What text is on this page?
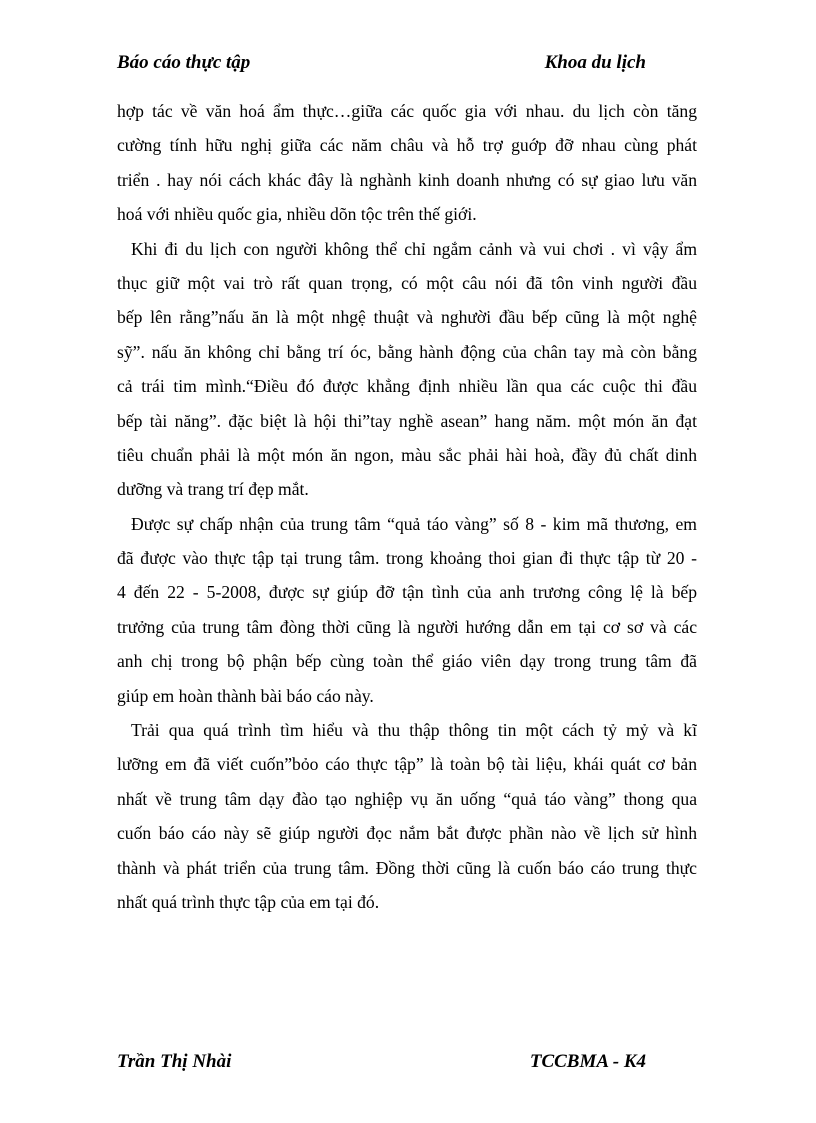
Báo cáo thực tập	Khoa du lịch
hợp tác về văn hoá ẩm thực…giữa các quốc gia với nhau. du lịch còn tăng
cường tính hữu nghị giữa các năm châu và hỗ trợ guớp đỡ nhau cùng phát
triển . hay nói cách khác đây là nghành kinh doanh nhưng có sự giao lưu văn
hoá với nhiều quốc gia, nhiều dõn tộc trên thế giới.
Khi đi du lịch con người không thể chỉ ngắm cảnh và vui chơi . vì vậy ẩm
thục giữ một vai trò rất quan trọng, có một câu nói đã tôn vinh người đầu
bếp lên rằng”nấu ăn là một nhgệ thuật và nghười đầu bếp cũng là một nghệ
sỹ”. nấu ăn không chỉ bằng trí óc, bằng hành động của chân tay mà còn bằng
cả trái tim mình.“Điều đó được khẳng định nhiều lần qua các cuộc thi đầu
bếp tài năng”. đặc biệt là hội thi”tay nghề asean” hang năm. một món ăn đạt
tiêu chuẩn phải là một món ăn ngon, màu sắc phải hài hoà, đầy đủ chất dinh
dưỡng và trang trí đẹp mắt.
Được sự chấp nhận của trung tâm “quả táo vàng” số 8 - kim mã thương, em
đã được vào thực tập tại trung tâm. trong khoảng thoi gian đi thực tập từ 20 -
4 đến 22 - 5-2008, được sự giúp đỡ tận tình của anh trương công lệ là bếp
trưởng của trung tâm đòng thời cũng là người hướng dẫn em tại cơ sơ và các
anh chị trong bộ phận bếp cùng toàn thể giáo viên dạy trong trung tâm đã
giúp em hoàn thành bài báo cáo này.
Trải qua quá trình tìm hiểu và thu thập thông tin một cách tỷ mỷ và kĩ
lưỡng em đã viết cuốn”bỏo cáo thực tập” là toàn bộ tài liệu, khái quát cơ bản
nhất về trung tâm dạy đào tạo nghiệp vụ ăn uống “quả táo vàng” thong qua
cuốn báo cáo này sẽ giúp người đọc nắm bắt được phần nào về lịch sử hình
thành và phát triển của trung tâm. Đồng thời cũng là cuốn báo cáo trung thực
nhất quá trình thực tập của em tại đó.
Trần Thị Nhài	TCCBMA - K4
